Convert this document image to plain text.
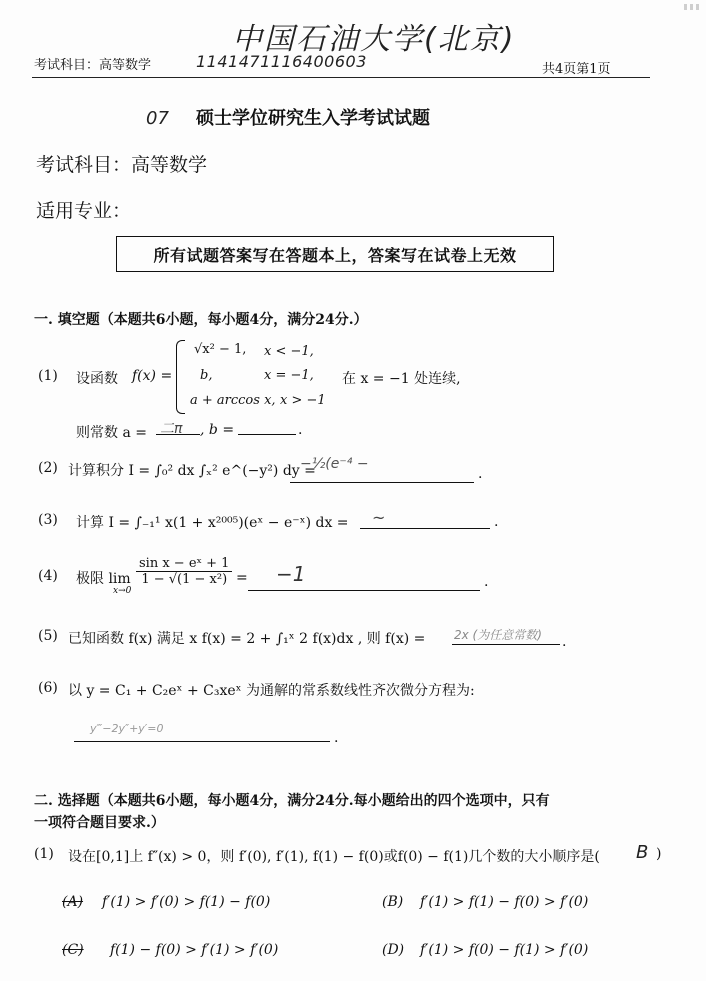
中国石油大学(北京)
考试科目：高等数学	1141471116400603	共4页第1页
07 硕士学位研究生入学考试试题
考试科目：高等数学
适用专业：
所有试题答案写在答题本上，答案写在试卷上无效
一. 填空题（本题共6小题，每小题4分，满分24分.）
(1) 设函数 f(x) =
√x² − 1, x < −1,
b,	x = −1,
a + arccos x, x > −1
在 x = −1 处连续,
则常数 a = 二π , b =	.
(2) 计算积分 I = ∫₀² dx ∫ₓ² e^(−y²) dy =
−½(e⁻⁴ −
.
(3) 计算 I = ∫₋₁¹ x(1 + x²⁰⁰⁵)(eˣ − e⁻ˣ) dx = ~	.
(4) 极限 lim
x→0
$\frac{\text{sin x − eˣ + 1}}{\text{1 − √(1 − x²)}} = -1$	.
(5) 已知函数 f(x) 满足 x f(x) = 2 + ∫₁ˣ 2 f(x)dx , 则 f(x) = 2x (为任意常数) .
(6) 以 y = C₁ + C₂eˣ + C₃xeˣ 为通解的常系数线性齐次微分方程为:
y‴−2y″+y′=0
.
二. 选择题（本题共6小题，每小题4分，满分24分.每小题给出的四个选项中，只有
一项符合题目要求.）
(1) 设在[0,1]上 f″(x) > 0，则 f′(0), f′(1), f(1) − f(0)或f(0) − f(1)几个数的大小顺序是( B )
(A) f′(1) > f′(0) > f(1) − f(0)	(B) f′(1) > f(1) − f(0) > f′(0)
(C) f(1) − f(0) > f′(1) > f′(0)	(D) f′(1) > f(0) − f(1) > f′(0)
